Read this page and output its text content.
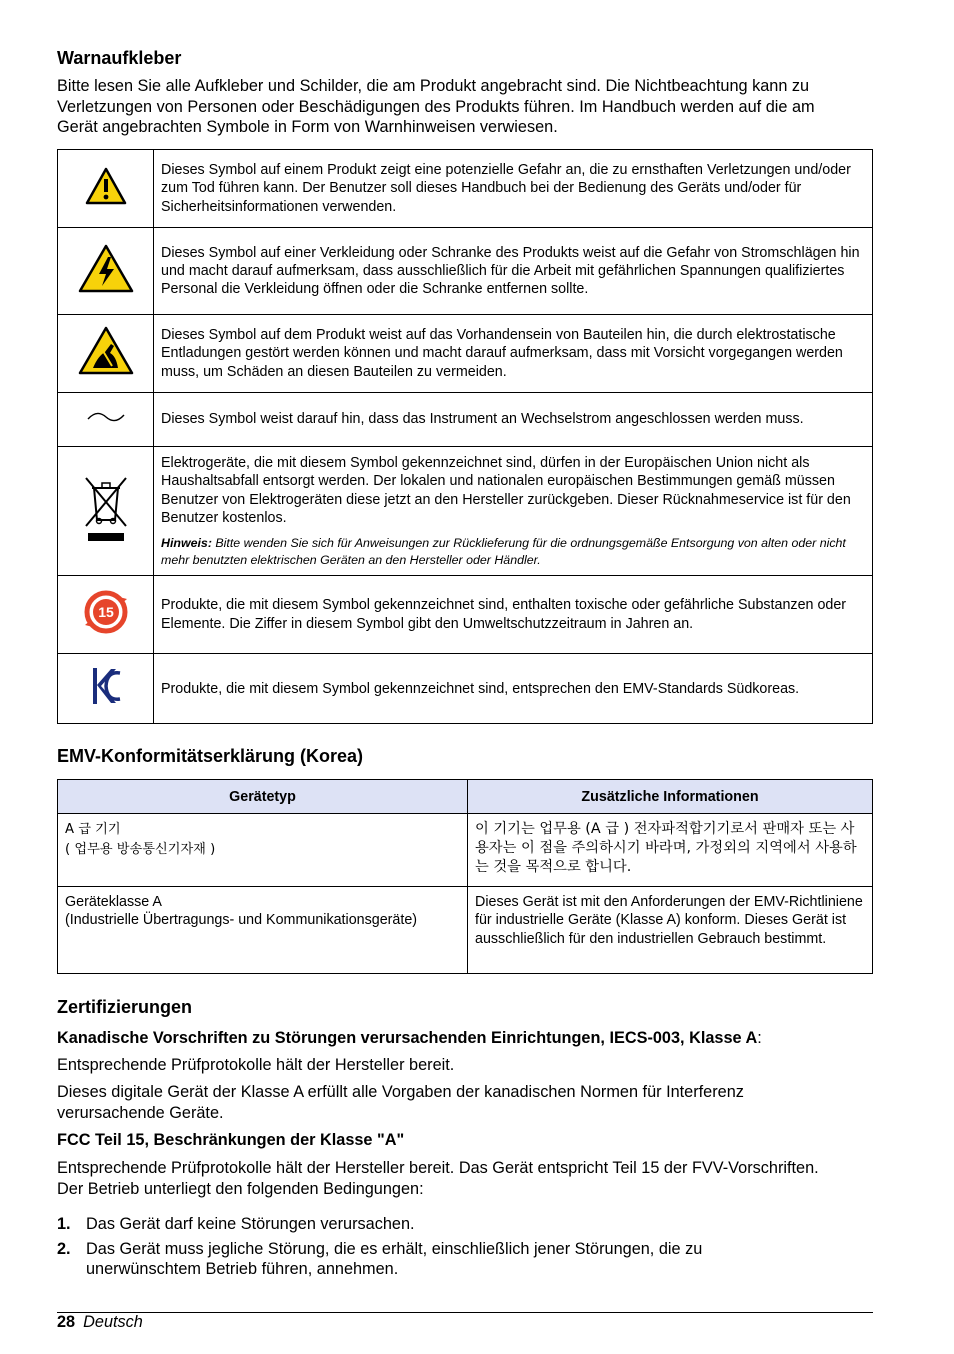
Warnaufkleber

Bitte lesen Sie alle Aufkleber und Schilder, die am Produkt angebracht sind. Die Nichtbeachtung kann zu Verletzungen von Personen oder Beschädigungen des Produkts führen. Im Handbuch werden auf die am Gerät angebrachten Symbole in Form von Warnhinweisen verwiesen.

	Dieses Symbol auf einem Produkt zeigt eine potenzielle Gefahr an, die zu ernsthaften Verletzungen und/oder zum Tod führen kann. Der Benutzer soll dieses Handbuch bei der Bedienung des Geräts und/oder für Sicherheitsinformationen verwenden.
	Dieses Symbol auf einer Verkleidung oder Schranke des Produkts weist auf die Gefahr von Stromschlägen hin und macht darauf aufmerksam, dass ausschließlich für die Arbeit mit gefährlichen Spannungen qualifiziertes Personal die Verkleidung öffnen oder die Schranke entfernen sollte.
	Dieses Symbol auf dem Produkt weist auf das Vorhandensein von Bauteilen hin, die durch elektrostatische Entladungen gestört werden können und macht darauf aufmerksam, dass mit Vorsicht vorgegangen werden muss, um Schäden an diesen Bauteilen zu vermeiden.
	Dieses Symbol weist darauf hin, dass das Instrument an Wechselstrom angeschlossen werden muss.

Elektrogeräte, die mit diesem Symbol gekennzeichnet sind, dürfen in der Europäischen Union nicht als Haushaltsabfall entsorgt werden. Der lokalen und nationalen europäischen Bestimmungen gemäß müssen Benutzer von Elektrogeräten diese jetzt an den Hersteller zurückgeben. Dieser Rücknahmeservice ist für den Benutzer kostenlos.
Hinweis: Bitte wenden Sie sich für Anweisungen zur Rücklieferung für die ordnungsgemäße Entsorgung von alten oder nicht mehr benutzten elektrischen Geräten an den Hersteller oder Händler.

15	Produkte, die mit diesem Symbol gekennzeichnet sind, enthalten toxische oder gefährliche Substanzen oder Elemente. Die Ziffer in diesem Symbol gibt den Umweltschutzzeitraum in Jahren an.
	Produkte, die mit diesem Symbol gekennzeichnet sind, entsprechen den EMV-Standards Südkoreas.
EMV-Konformitätserklärung (Korea)
Gerätetyp	Zusätzliche Informationen

A 급 기기
( 업무용 방송통신기자재 )	이 기기는 업무용 (A 급 ) 전자파적합기기로서 판매자 또는 사용자는 이 점을 주의하시기 바라며, 가정외의 지역에서 사용하는 것을 목적으로 합니다.

Geräteklasse A
(Industrielle Übertragungs- und Kommunikationsgeräte)	Dieses Gerät ist mit den Anforderungen der EMV-Richtliniene für industrielle Geräte (Klasse A) konform. Dieses Gerät ist ausschließlich für den industriellen Gebrauch bestimmt.
Zertifizierungen

Kanadische Vorschriften zu Störungen verursachenden Einrichtungen, IECS-003, Klasse A:

Entsprechende Prüfprotokolle hält der Hersteller bereit.

Dieses digitale Gerät der Klasse A erfüllt alle Vorgaben der kanadischen Normen für Interferenz verursachende Geräte.

FCC Teil 15, Beschränkungen der Klasse "A"

Entsprechende Prüfprotokolle hält der Hersteller bereit. Das Gerät entspricht Teil 15 der FVV-Vorschriften. Der Betrieb unterliegt den folgenden Bedingungen:

1. Das Gerät darf keine Störungen verursachen.
2. Das Gerät muss jegliche Störung, die es erhält, einschließlich jener Störungen, die zu unerwünschtem Betrieb führen, annehmen.
28 Deutsch
